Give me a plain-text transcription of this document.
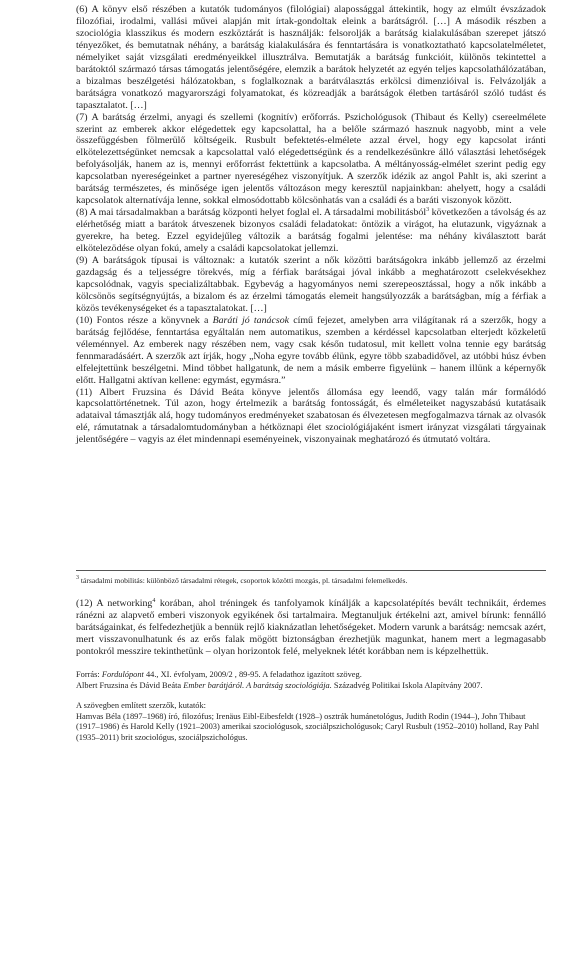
(6) A könyv első részében a kutatók tudományos (filológiai) alapossággal áttekintik, hogy az elmúlt évszázadok filozófiai, irodalmi, vallási művei alapján mit írtak-gondoltak eleink a barátságról. […] A második részben a szociológia klasszikus és modern eszköztárát is használják: felsorolják a barátság kialakulásában szerepet játszó tényezőket, és bemutatnak néhány, a barátság kialakulására és fenntartására is vonatkoztatható kapcsolatelméletet, némelyiket saját vizsgálati eredményeikkel illusztrálva. Bemutatják a barátság funkcióit, különös tekintettel a barátoktól származó társas támogatás jelentőségére, elemzik a barátok helyzetét az egyén teljes kapcsolathálózatában, a bizalmas beszélgetési hálózatokban, s foglalkoznak a barátválasztás erkölcsi dimenzióival is. Felvázolják a barátságra vonatkozó magyarországi folyamatokat, és közreadják a barátságok életben tartásáról szóló tudást és tapasztalatot. […]

(7) A barátság érzelmi, anyagi és szellemi (kognitív) erőforrás. Pszichológusok (Thibaut és Kelly) csereelmélete szerint az emberek akkor elégedettek egy kapcsolattal, ha a belőle származó hasznuk nagyobb, mint a vele összefüggésben fölmerülő költségeik. Rusbult befektetés-elmélete azzal érvel, hogy egy kapcsolat iránti elkötelezettségünket nemcsak a kapcsolattal való elégedettségünk és a rendelkezésünkre álló választási lehetőségek befolyásolják, hanem az is, mennyi erőforrást fektettünk a kapcsolatba. A méltányosság-elmélet szerint pedig egy kapcsolatban nyereségeinket a partner nyereségéhez viszonyítjuk. A szerzők idézik az angol Pahlt is, aki szerint a barátság természetes, és minősége igen jelentős változáson megy keresztül napjainkban: ahelyett, hogy a családi kapcsolatok alternatívája lenne, sokkal elmosódottabb kölcsönhatás van a családi és a baráti viszonyok között.

(8) A mai társadalmakban a barátság központi helyet foglal el. A társadalmi mobilitásból$^3$ következően a távolság és az elérhetőség miatt a barátok átveszenek bizonyos családi feladatokat: öntözik a virágot, ha elutazunk, vigyáznak a gyerekre, ha beteg. Ezzel egyidejűleg változik a barátság fogalmi jelentése: ma néhány kiválasztott barát elkötelezödése olyan fokú, amely a családi kapcsolatokat jellemzi.

(9) A barátságok típusai is változnak: a kutatók szerint a nők közötti barátságokra inkább jellemző az érzelmi gazdagság és a teljességre törekvés, míg a férfiak barátságai jóval inkább a meghatározott cselekvésekhez kapcsolódnak, vagyis specializáltabbak. Egybevág a hagyományos nemi szerepeosztással, hogy a nők inkább a kölcsönös segítségnyújtás, a bizalom és az érzelmi támogatás elemeit hangsúlyozzák a barátságban, míg a férfiak a közös tevékenységeket és a tapasztalatokat. […]

(10) Fontos része a könyvnek a Baráti jó tanácsok című fejezet, amelyben arra világítanak rá a szerzők, hogy a barátság fejlődése, fenntartása egyáltalán nem automatikus, szemben a kérdéssel kapcsolatban elterjedt közkeletű véleménnyel. Az emberek nagy részében nem, vagy csak későn tudatosul, mit kellett volna tennie egy barátság fennmaradásáért. A szerzők azt írják, hogy „Noha egyre tovább élünk, egyre több szabadidővel, az utóbbi húsz évben elfelejtettünk beszélgetni. Mind többet hallgatunk, de nem a másik emberre figyelünk – hanem illünk a képernyők előtt. Hallgatni aktívan kellene: egymást, egymásra.”

(11) Albert Fruzsina és Dávid Beáta könyve jelentős állomása egy leendő, vagy talán már formálódó kapcsolattörténetnek. Túl azon, hogy értelmezik a barátság fontosságát, és elméleteiket nagyszabású kutatásaik adataival támasztják alá, hogy tudományos eredményeket szabatosan és élvezetesen megfogalmazva tárnak az olvasók elé, rámutatnak a társadalomtudományban a hétköznapi élet szociológiájaként ismert irányzat vizsgálati tárgyainak jelentőségére – vagyis az élet mindennapi eseményeinek, viszonyainak meghatározó és útmutató voltára.

$^3$ társadalmi mobilitás: különböző társadalmi rétegek, csoportok közötti mozgás, pl. társadalmi felemelkedés.

(12) A networking$^4$ korában, ahol tréningek és tanfolyamok kínálják a kapcsolatépítés bevált technikáit, érdemes ránézni az alapvető emberi viszonyok egyikének ősi tartalmaira. Megtanuljuk értékelni azt, amivel bírunk: fennálló barátságainkat, és felfedezhetjük a bennük rejlő kiaknázatlan lehetőségeket. Modern varunk a barátság: nemcsak azért, mert visszavonulhatunk és az erős falak mögött biztonságban érezhetjük magunkat, hanem mert a legmagasabb pontokról messzire tekinthetünk – olyan horizontok felé, melyeknek létét korábban nem is képzelhettük.

Forrás: Fordulópont 44., XI. évfolyam, 2009/2 , 89-95. A feladathoz igazított szöveg.

Albert Fruzsina és Dávid Beáta Ember barátjáról. A barátság szociológiája. Századvég Politikai Iskola Alapítvány 2007.

A szövegben említett szerzők, kutatók:

Hamvas Béla (1897–1968) író, filozófus; Irenäus Eibl-Eibesfeldt (1928–) osztrák humánetológus, Judith Rodin (1944–), John Thibaut (1917–1986) és Harold Kelly (1921–2003) amerikai szociológusok, szociálpszichológusok; Caryl Rusbult (1952–2010) holland, Ray Pahl (1935–2011) brit szociológus, szociálpszichológus.
